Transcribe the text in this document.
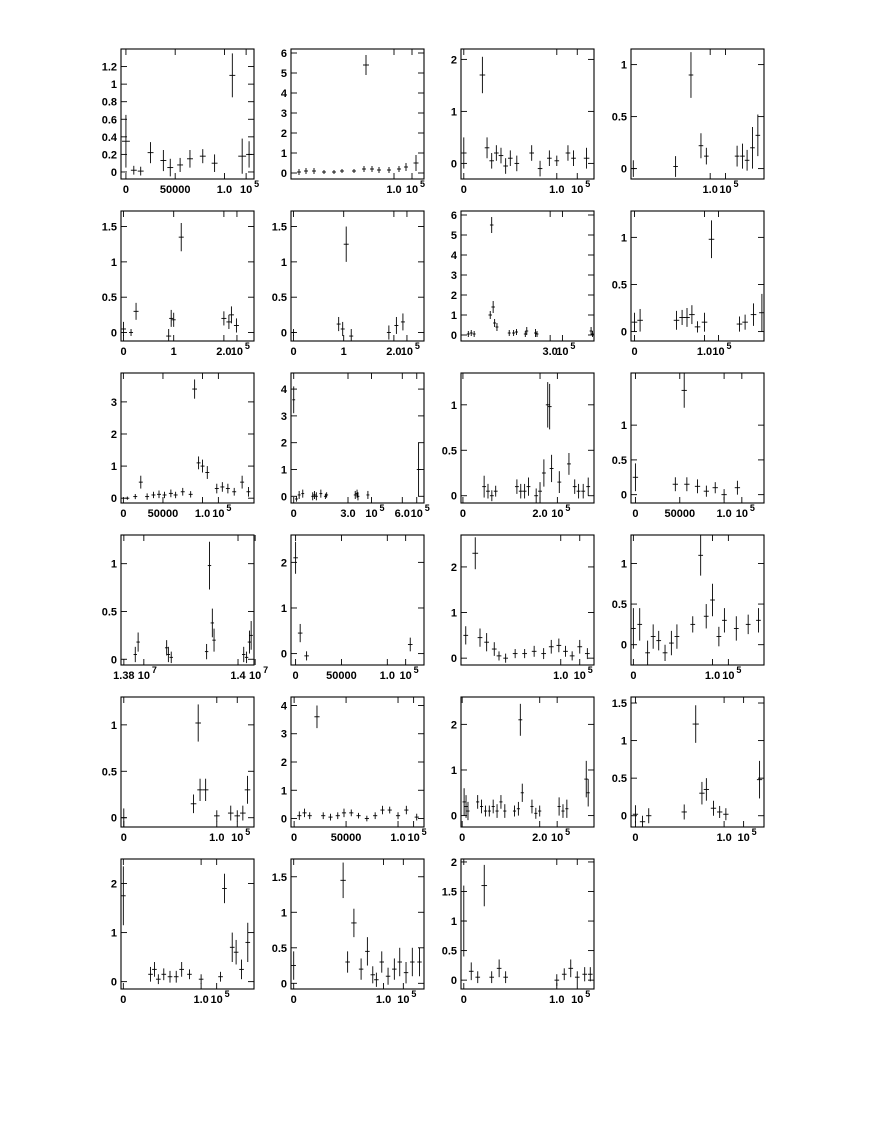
0
0.2
0.4
0.6
0.8
1
1.2
0	50000 1.0 10 5
0
1
2
3
4
5
6
1.0 10 5
0
1
2
0	1.0 10 5
0
0.5
1
1.0 10 5
0
0.5
1
1.5
0	1	2.0 10 5
0
0.5
1
1.5
0	1	2.0 10 5
0
1
2
3
4
5
6
3.0
10 5
0
0.5
1
0	1.0 10 5
0
1
2
3
0 50000 1.0 10 5
0
1
2
3
4
0	3.0 10 5 6.0 10 5
0
0.5
1
0	2.0 10 5
0
0.5
1
0 50000 1.0 10 5
0
0.5
1
1.38 10 7	1.4 10 7
0
1
2
0	50000 1.0 10 5
0
1
2
1.0 10 5
0
0.5
1
0	1.0 10 5
0
0.5
1
0	1.0 10 5
0
1
2
3
4
0	50000	1.0 10 5
0
1
2
0	2.0 10 5
0
0.5
1
1.5
0	1.0 10 5
0
1
2
0	1.0 10 5
0
0.5
1
1.5
0	1.0 10 5
0
0.5
1
1.5
2
0	1.0 10 5
